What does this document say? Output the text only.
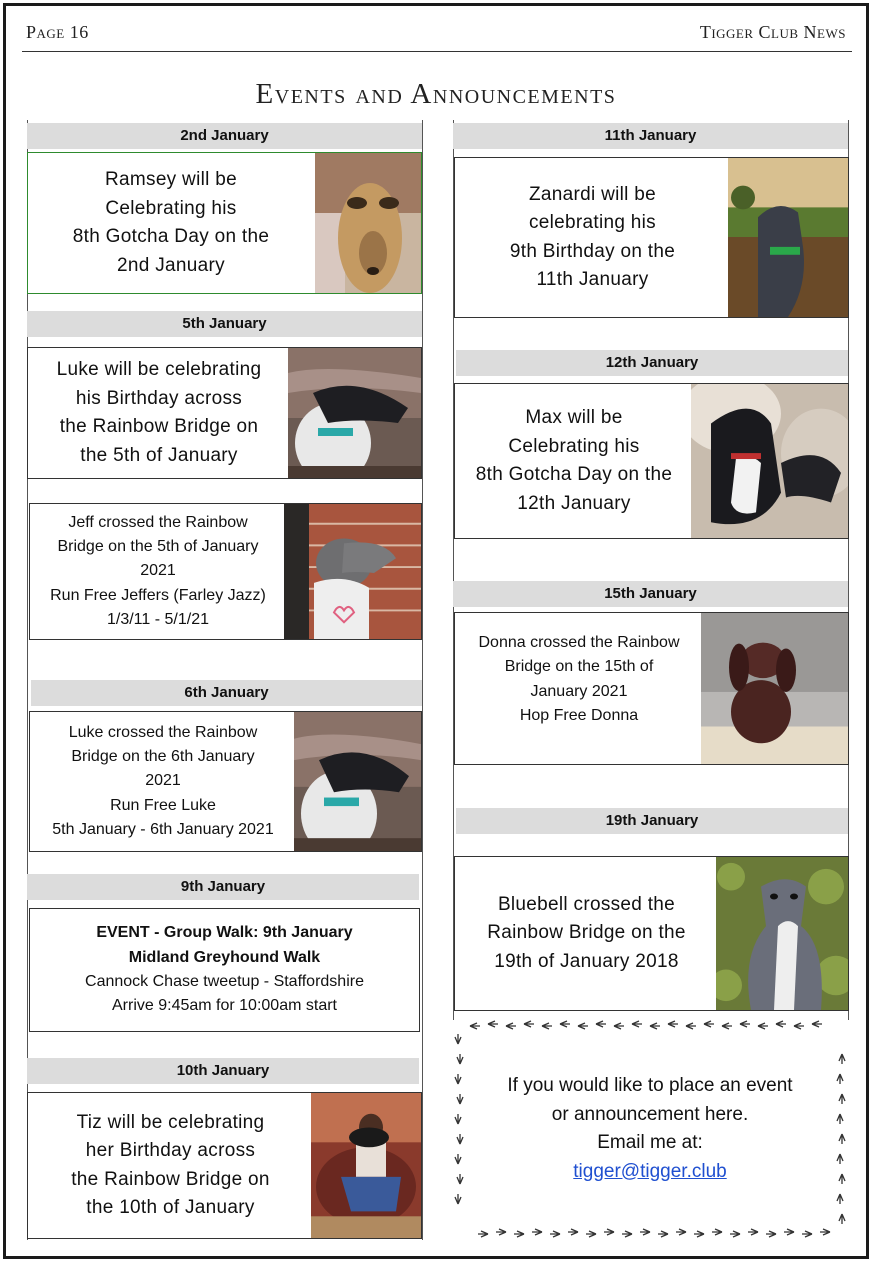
Page 16	Tigger Club News
Events and Announcements
2nd January
Ramsey will be
Celebrating his
8th Gotcha Day on the
2nd January
5th January
Luke will be celebrating
his Birthday across
the Rainbow Bridge on
the 5th of January
Jeff crossed the Rainbow
Bridge on the 5th of January
2021
Run Free Jeffers (Farley Jazz)
1/3/11 - 5/1/21
6th January
Luke crossed the Rainbow
Bridge on the 6th January
2021
Run Free Luke
5th January - 6th January 2021
9th January
EVENT - Group Walk: 9th January
Midland Greyhound Walk
Cannock Chase tweetup - Staffordshire
Arrive 9:45am for 10:00am start
10th January
Tiz will be celebrating
her Birthday across
the Rainbow Bridge on
the 10th of January
11th January
Zanardi will be
celebrating his
9th Birthday on the
11th January
12th January
Max will be
Celebrating his
8th Gotcha Day on the
12th January
15th January
Donna crossed the Rainbow
Bridge on the 15th of
January 2021
Hop Free Donna
19th January
Bluebell crossed the
Rainbow Bridge on the
19th of January 2018
If you would like to place an event
or announcement here.
Email me at:
tigger@tigger.club
